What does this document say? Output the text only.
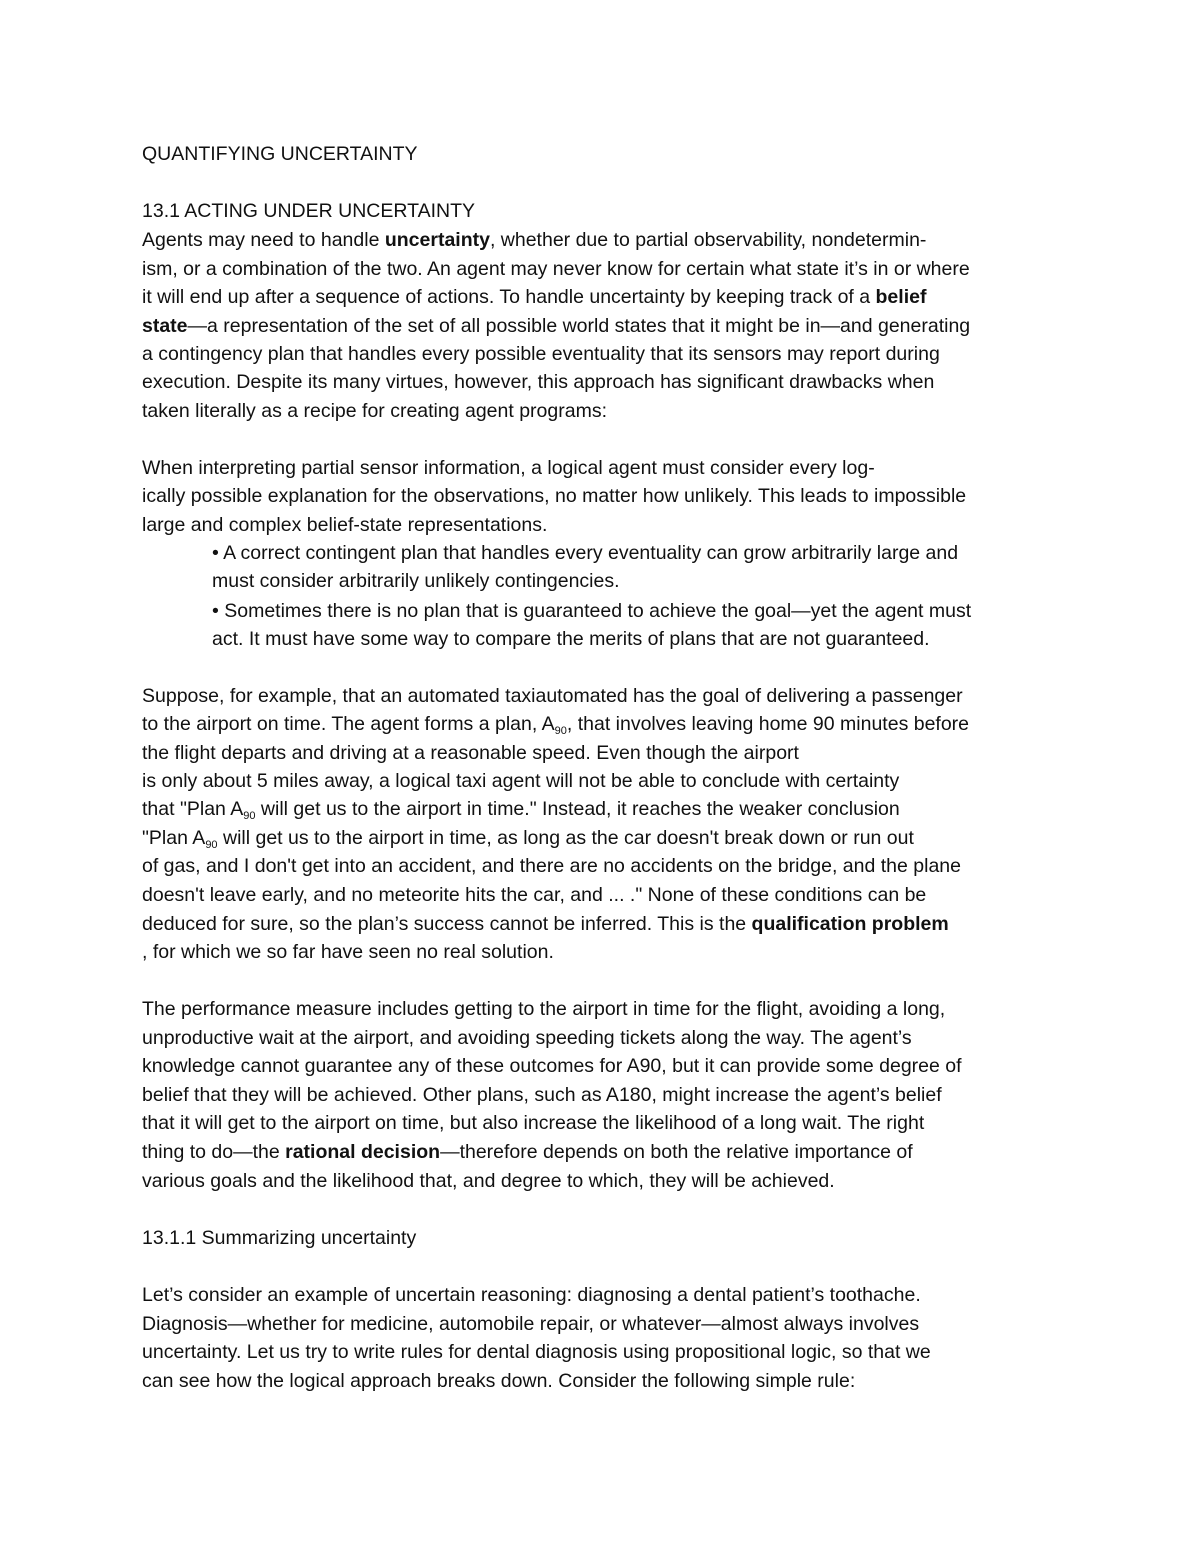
QUANTIFYING UNCERTAINTY

13.1 ACTING UNDER UNCERTAINTY

Agents may need to handle uncertainty, whether due to partial observability, nondetermin-

ism, or a combination of the two. An agent may never know for certain what state it’s in or where

it will end up after a sequence of actions. To handle uncertainty by keeping track of a belief

state—a representation of the set of all possible world states that it might be in—and generating

a contingency plan that handles every possible eventuality that its sensors may report during

execution. Despite its many virtues, however, this approach has significant drawbacks when

taken literally as a recipe for creating agent programs:

When interpreting partial sensor information, a logical agent must consider every log-

ically possible explanation for the observations, no matter how unlikely. This leads to impossible

large and complex belief-state representations.

• A correct contingent plan that handles every eventuality can grow arbitrarily large and

must consider arbitrarily unlikely contingencies.

• Sometimes there is no plan that is guaranteed to achieve the goal—yet the agent must

act. It must have some way to compare the merits of plans that are not guaranteed.

Suppose, for example, that an automated taxiautomated has the goal of delivering a passenger

to the airport on time. The agent forms a plan, $A_{90}$, that involves leaving home 90 minutes before

the flight departs and driving at a reasonable speed. Even though the airport

is only about 5 miles away, a logical taxi agent will not be able to conclude with certainty

that "Plan $A_{90}$ will get us to the airport in time." Instead, it reaches the weaker conclusion

"Plan $A_{90}$ will get us to the airport in time, as long as the car doesn't break down or run out

of gas, and I don't get into an accident, and there are no accidents on the bridge, and the plane

doesn't leave early, and no meteorite hits the car, and ... ." None of these conditions can be

deduced for sure, so the plan’s success cannot be inferred. This is the qualification problem

, for which we so far have seen no real solution.

The performance measure includes getting to the airport in time for the flight, avoiding a long,

unproductive wait at the airport, and avoiding speeding tickets along the way. The agent’s

knowledge cannot guarantee any of these outcomes for A90, but it can provide some degree of

belief that they will be achieved. Other plans, such as A180, might increase the agent’s belief

that it will get to the airport on time, but also increase the likelihood of a long wait. The right

thing to do—the rational decision—therefore depends on both the relative importance of

various goals and the likelihood that, and degree to which, they will be achieved.

13.1.1 Summarizing uncertainty

Let’s consider an example of uncertain reasoning: diagnosing a dental patient’s toothache.

Diagnosis—whether for medicine, automobile repair, or whatever—almost always involves

uncertainty. Let us try to write rules for dental diagnosis using propositional logic, so that we

can see how the logical approach breaks down. Consider the following simple rule:
